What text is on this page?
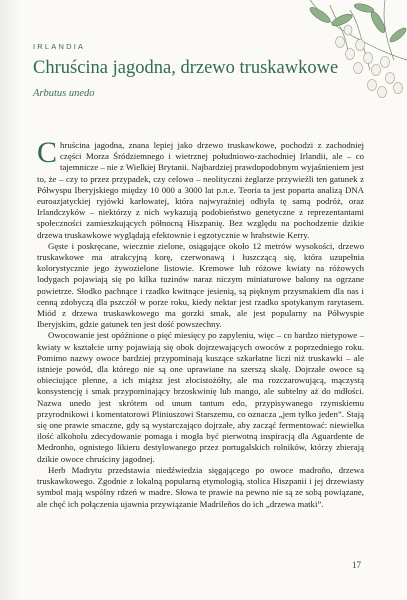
IRLANDIA
Chruścina jagodna, drzewo truskawkowe
Arbutus unedo

Chruścina jagodna, znana lepiej jako drzewo truskawkowe, pochodzi z zachodniej części Morza Śródziemnego i wietrznej południowo-zachodniej Irlandii, ale – co tajemnicze – nie z Wielkiej Brytanii. Najbardziej prawdopodobnym wyjaśnieniem jest to, że – czy to przez przypadek, czy celowo – neolityczni żeglarze przywieźli ten gatunek z Półwyspu Iberyjskiego między 10 000 a 3000 lat p.n.e. Teoria ta jest poparta analizą DNA euroazjatyckiej ryjówki karłowatej, która najwyraźniej odbyła tę samą podróż, oraz Irlandczyków – niektórzy z nich wykazują podobieństwo genetyczne z reprezentantami społeczności zamieszkujących północną Hiszpanię. Bez względu na pochodzenie dzikie drzewa truskawkowe wyglądają efektownie i egzotycznie w hrabstwie Kerry.

Gęste i poskręcane, wiecznie zielone, osiągające około 12 metrów wysokości, drzewo truskawkowe ma atrakcyjną korę, czerwonawą i łuszczącą się, która uzupełnia kolorystycznie jego żywozielone listowie. Kremowe lub różowe kwiaty na różowych lodygach pojawiają się po kilka tuzinów naraz niczym miniaturowe balony na ogrzane powietrze. Słodko pachnące i rzadko kwitnące jesienią, są pięknym przysmakiem dla nas i cenną zdobyczą dla pszczół w porze roku, kiedy nektar jest rzadko spotykanym rarytasem. Miód z drzewa truskawkowego ma gorzki smak, ale jest popularny na Półwyspie Iberyjskim, gdzie gatunek ten jest dość powszechny.

Owocowanie jest opóźnione o pięć miesięcy po zapyleniu, więc – co bardzo nietypowe – kwiaty w kształcie urny pojawiają się obok dojrzewających owoców z poprzedniego roku. Pomimo nazwy owoce bardziej przypominają kuszące szkarłatne liczi niż truskawki – ale istnieje powód, dla którego nie są one uprawiane na szerszą skalę. Dojrzałe owoce są obieciujące plenne, a ich miąższ jest złocistożółty, ale ma rozczarowującą, mączystą konsystencję i smak przypominający brzoskwinię lub mango, ale subtelny aż do mdłości. Nazwa unedo jest skrótem od unum tantum edo, przypisywanego rzymskiemu przyrodnikowi i komentatorowi Pliniuszowi Starszemu, co oznacza „jem tylko jeden”. Stają się one prawie smaczne, gdy są wystarczająco dojrzałe, aby zacząć fermentować: niewielka ilość alkoholu zdecydowanie pomaga i mogła być pierwotną inspiracją dla Aguardente de Medronho, ognistego likieru destylowanego przez portugalskich rolników, którzy zbierają dzikie owoce chruściny jagodnej.

Herb Madrytu przedstawia niedźwiedzia sięgającego po owoce madroño, drzewa truskawkowego. Zgodnie z lokalną popularną etymologią, stolica Hiszpanii i jej drzewiasty symbol mają wspólny rdzeń w madre. Słowa te prawie na pewno nie są ze sobą powiązane, ale chęć ich połączenia ujawnia przywiązanie Madrileños do ich „drzewa matki”.

17
